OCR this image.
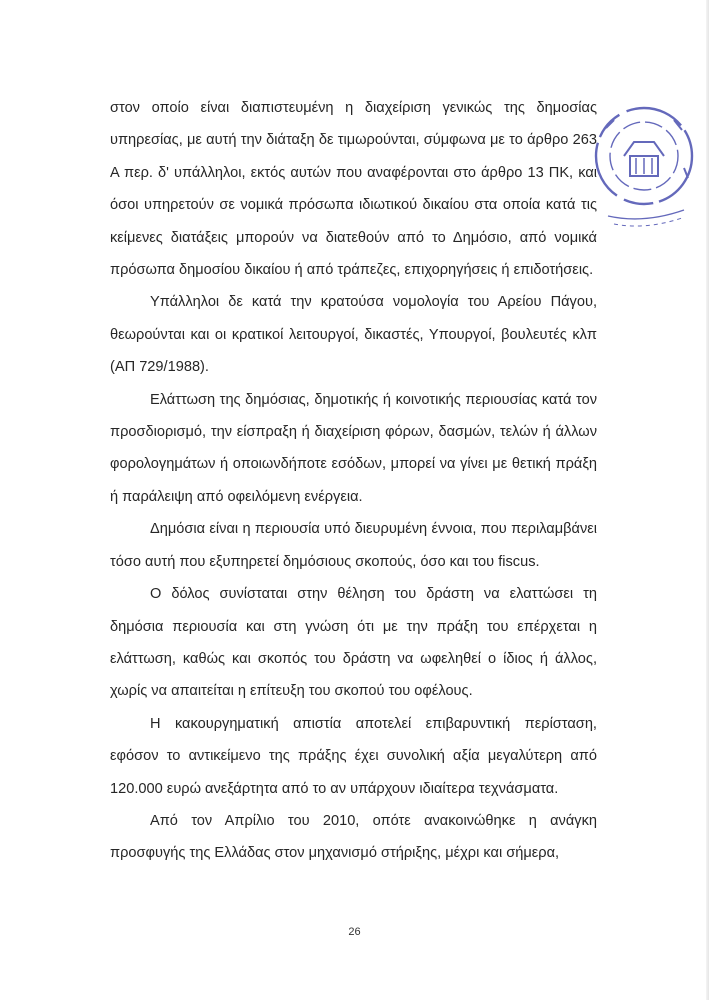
στον οποίο είναι διαπιστευμένη η διαχείριση γενικώς της δημοσίας υπηρεσίας, με αυτή την διάταξη δε τιμωρούνται, σύμφωνα με το άρθρο 263 Α περ. δ' υπάλληλοι, εκτός αυτών που αναφέρονται στο άρθρο 13 ΠΚ, και όσοι υπηρετούν σε νομικά πρόσωπα ιδιωτικού δικαίου στα οποία κατά τις κείμενες διατάξεις μπορούν να διατεθούν από το Δημόσιο, από νομικά πρόσωπα δημοσίου δικαίου ή από τράπεζες, επιχορηγήσεις ή επιδοτήσεις.

Υπάλληλοι δε κατά την κρατούσα νομολογία του Αρείου Πάγου, θεωρούνται και οι κρατικοί λειτουργοί, δικαστές, Υπουργοί, βουλευτές κλπ (ΑΠ 729/1988).

Ελάττωση της δημόσιας, δημοτικής ή κοινοτικής περιουσίας κατά τον προσδιορισμό, την είσπραξη ή διαχείριση φόρων, δασμών, τελών ή άλλων φορολογημάτων ή οποιωνδήποτε εσόδων, μπορεί να γίνει με θετική πράξη ή παράλειψη από οφειλόμενη ενέργεια.

Δημόσια είναι η περιουσία υπό διευρυμένη έννοια, που περιλαμβάνει τόσο αυτή που εξυπηρετεί δημόσιους σκοπούς, όσο και του fiscus.

Ο δόλος συνίσταται στην θέληση του δράστη να ελαττώσει τη δημόσια περιουσία και στη γνώση ότι με την πράξη του επέρχεται η ελάττωση, καθώς και σκοπός του δράστη να ωφεληθεί ο ίδιος ή άλλος, χωρίς να απαιτείται η επίτευξη του σκοπού του οφέλους.

Η κακουργηματική απιστία αποτελεί επιβαρυντική περίσταση, εφόσον το αντικείμενο της πράξης έχει συνολική αξία μεγαλύτερη από 120.000 ευρώ ανεξάρτητα από το αν υπάρχουν ιδιαίτερα τεχνάσματα.

Από τον Απρίλιο του 2010, οπότε ανακοινώθηκε η ανάγκη προσφυγής της Ελλάδας στον μηχανισμό στήριξης, μέχρι και σήμερα,

26
